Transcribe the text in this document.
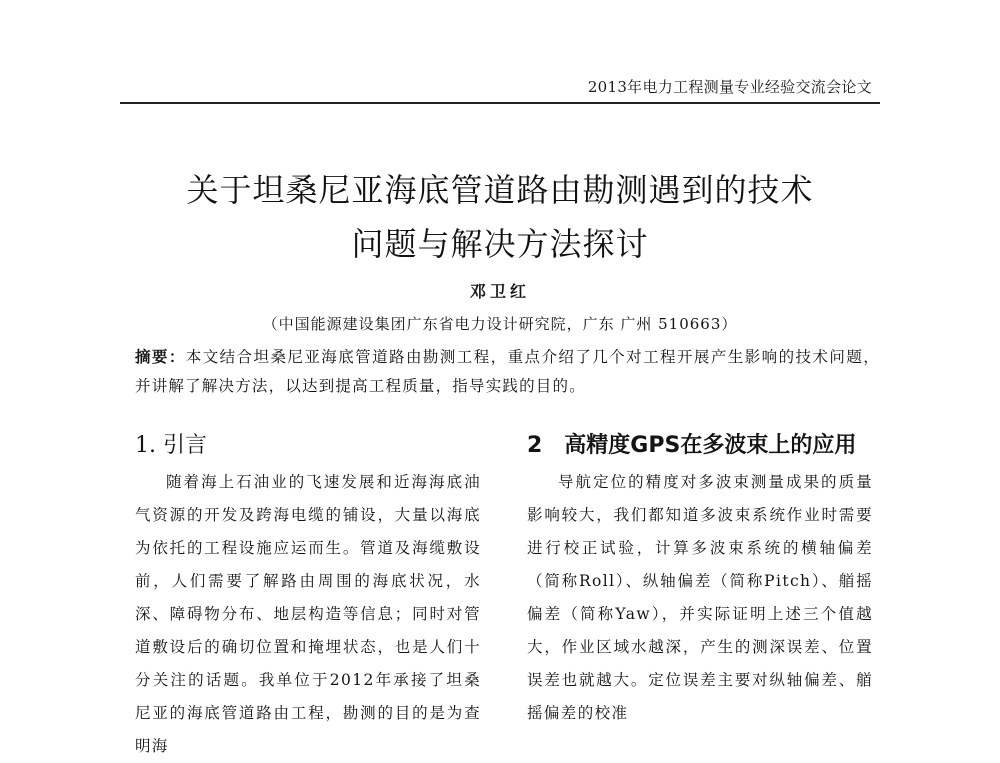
2013年电力工程测量专业经验交流会论文
关于坦桑尼亚海底管道路由勘测遇到的技术
问题与解决方法探讨
邓卫红
（中国能源建设集团广东省电力设计研究院，广东 广州 510663）
摘要：本文结合坦桑尼亚海底管道路由勘测工程，重点介绍了几个对工程开展产生影响的技术问题，并讲解了解决方法，以达到提高工程质量，指导实践的目的。
1. 引言

随着海上石油业的飞速发展和近海海底油气资源的开发及跨海电缆的铺设，大量以海底为依托的工程设施应运而生。管道及海缆敷设前，人们需要了解路由周围的海底状况，水深、障碍物分布、地层构造等信息；同时对管道敷设后的确切位置和掩埋状态，也是人们十分关注的话题。我单位于2012年承接了坦桑尼亚的海底管道路由工程，勘测的目的是为查明海

2　高精度GPS在多波束上的应用

导航定位的精度对多波束测量成果的质量影响较大，我们都知道多波束系统作业时需要进行校正试验，计算多波束系统的横轴偏差（简称Roll）、纵轴偏差（简称Pitch）、艏摇偏差（简称Yaw），并实际证明上述三个值越大，作业区域水越深，产生的测深误差、位置误差也就越大。定位误差主要对纵轴偏差、艏摇偏差的校准
